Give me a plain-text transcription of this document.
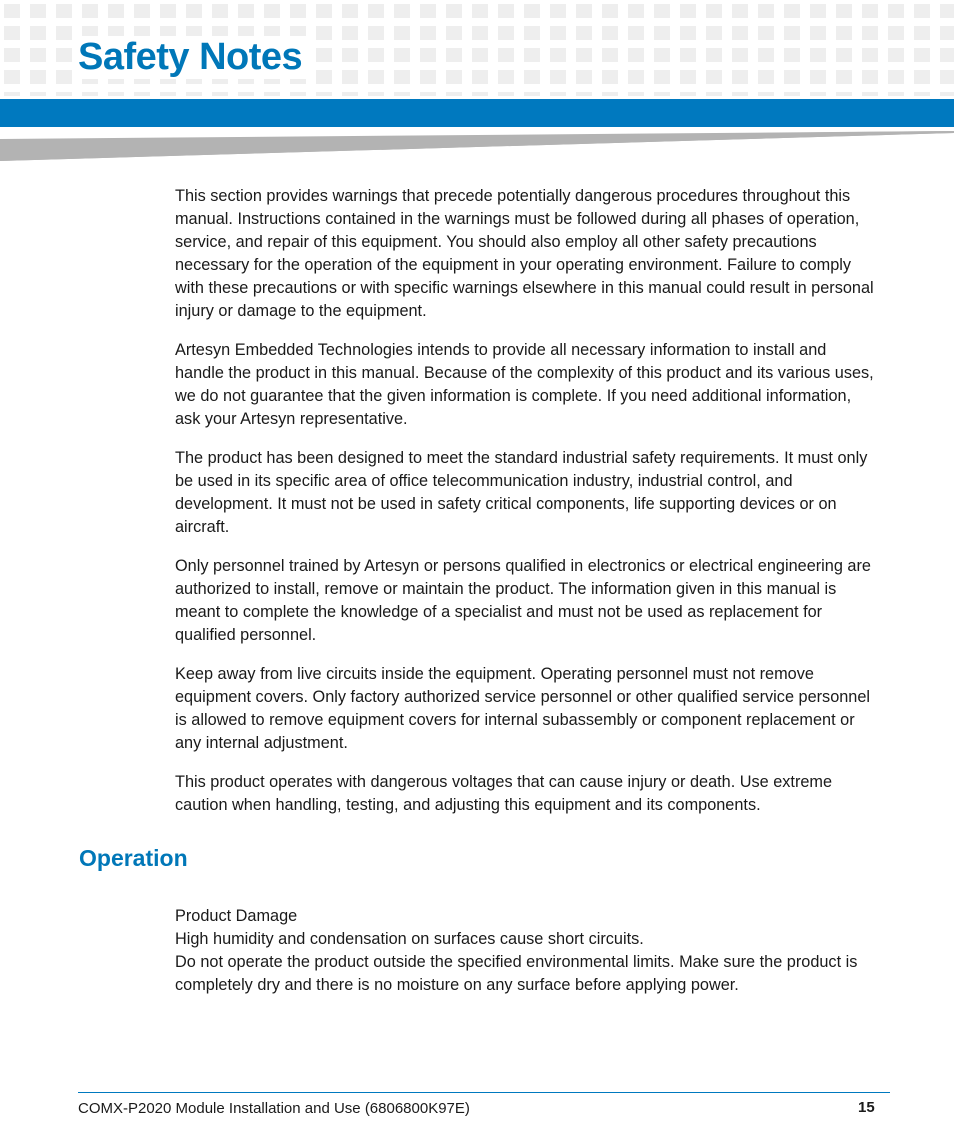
Safety Notes

This section provides warnings that precede potentially dangerous procedures throughout this manual. Instructions contained in the warnings must be followed during all phases of operation, service, and repair of this equipment. You should also employ all other safety precautions necessary for the operation of the equipment in your operating environment. Failure to comply with these precautions or with specific warnings elsewhere in this manual could result in personal injury or damage to the equipment.

Artesyn Embedded Technologies intends to provide all necessary information to install and handle the product in this manual. Because of the complexity of this product and its various uses, we do not guarantee that the given information is complete. If you need additional information, ask your Artesyn representative.

The product has been designed to meet the standard industrial safety requirements. It must only be used in its specific area of office telecommunication industry, industrial control, and development. It must not be used in safety critical components, life supporting devices or on aircraft.

Only personnel trained by Artesyn or persons qualified in electronics or electrical engineering are authorized to install, remove or maintain the product. The information given in this manual is meant to complete the knowledge of a specialist and must not be used as replacement for qualified personnel.

Keep away from live circuits inside the equipment. Operating personnel must not remove equipment covers. Only factory authorized service personnel or other qualified service personnel is allowed to remove equipment covers for internal subassembly or component replacement or any internal adjustment.

This product operates with dangerous voltages that can cause injury or death. Use extreme caution when handling, testing, and adjusting this equipment and its components.

Operation
Product Damage
High humidity and condensation on surfaces cause short circuits.
Do not operate the product outside the specified environmental limits. Make sure the product is completely dry and there is no moisture on any surface before applying power.
COMX-P2020 Module Installation and Use (6806800K97E)	15
